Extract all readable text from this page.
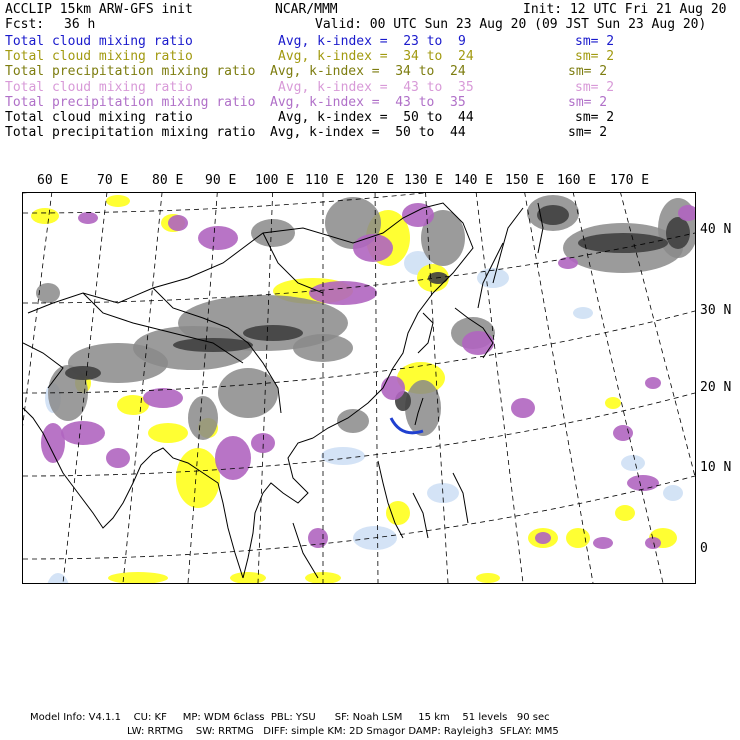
ACCLIP 15km ARW-GFS init	NCAR/MMM	Init: 12 UTC Fri 21 Aug 20
Fcst: 36 h	Valid: 00 UTC Sun 23 Aug 20 (09 JST Sun 23 Aug 20)
Total cloud mixing ratio	Avg, k-index =  23 to  9	sm= 2
Total cloud mixing ratio	Avg, k-index =  34 to  24	sm= 2
Total precipitation mixing ratio Avg, k-index =  34 to  24	sm= 2
Total cloud mixing ratio	Avg, k-index =  43 to  35	sm= 2
Total precipitation mixing ratio Avg, k-index =  43 to  35	sm= 2
Total cloud mixing ratio	Avg, k-index =  50 to  44	sm= 2
Total precipitation mixing ratio Avg, k-index =  50 to  44	sm= 2
60 E 70 E 80 E 90 E 100 E 110 E 120 E 130 E 140 E 150 E 160 E 170 E
40 N
30 N
20 N
10 N
0
Model Info: V4.1.1    CU: KF     MP: WDM 6class  PBL: YSU      SF: Noah LSM     15 km    51 levels   90 sec
LW: RRTMG    SW: RRTMG   DIFF: simple KM: 2D Smagor DAMP: Rayleigh3  SFLAY: MM5
